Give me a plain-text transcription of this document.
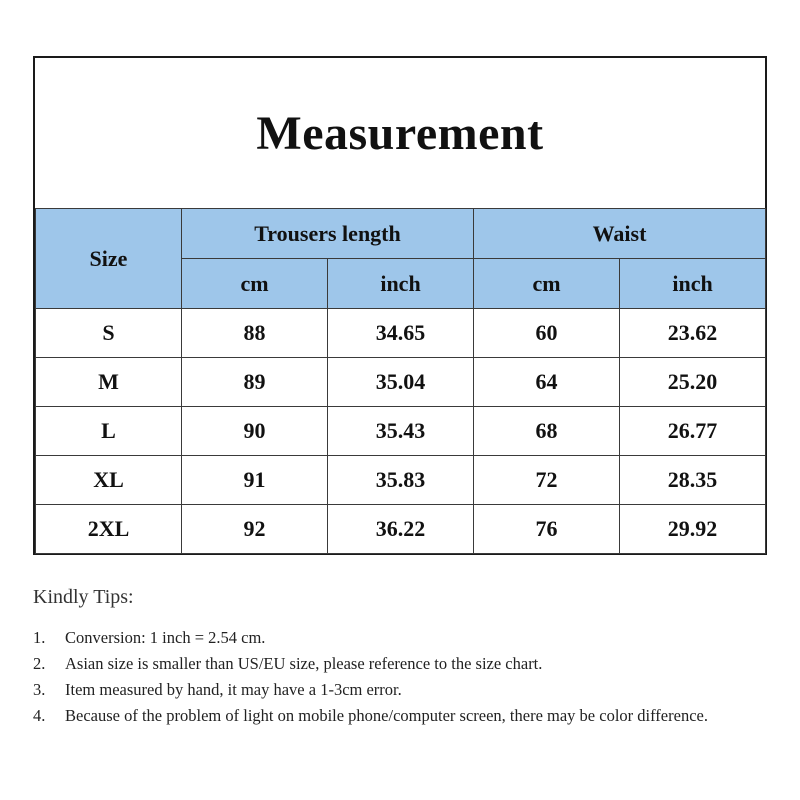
Measurement
Size	Trousers length		Waist	
	cm	inch	cm	inch
S	88	34.65	60	23.62
M	89	35.04	64	25.20
L	90	35.43	68	26.77
XL	91	35.83	72	28.35
2XL	92	36.22	76	29.92

Kindly Tips:

1.	Conversion: 1 inch = 2.54 cm.
2.	Asian size is smaller than US/EU size, please reference to the size chart.
3.	Item measured by hand, it may have a 1-3cm error.
4.	Because of the problem of light on mobile phone/computer screen, there may be color difference.
